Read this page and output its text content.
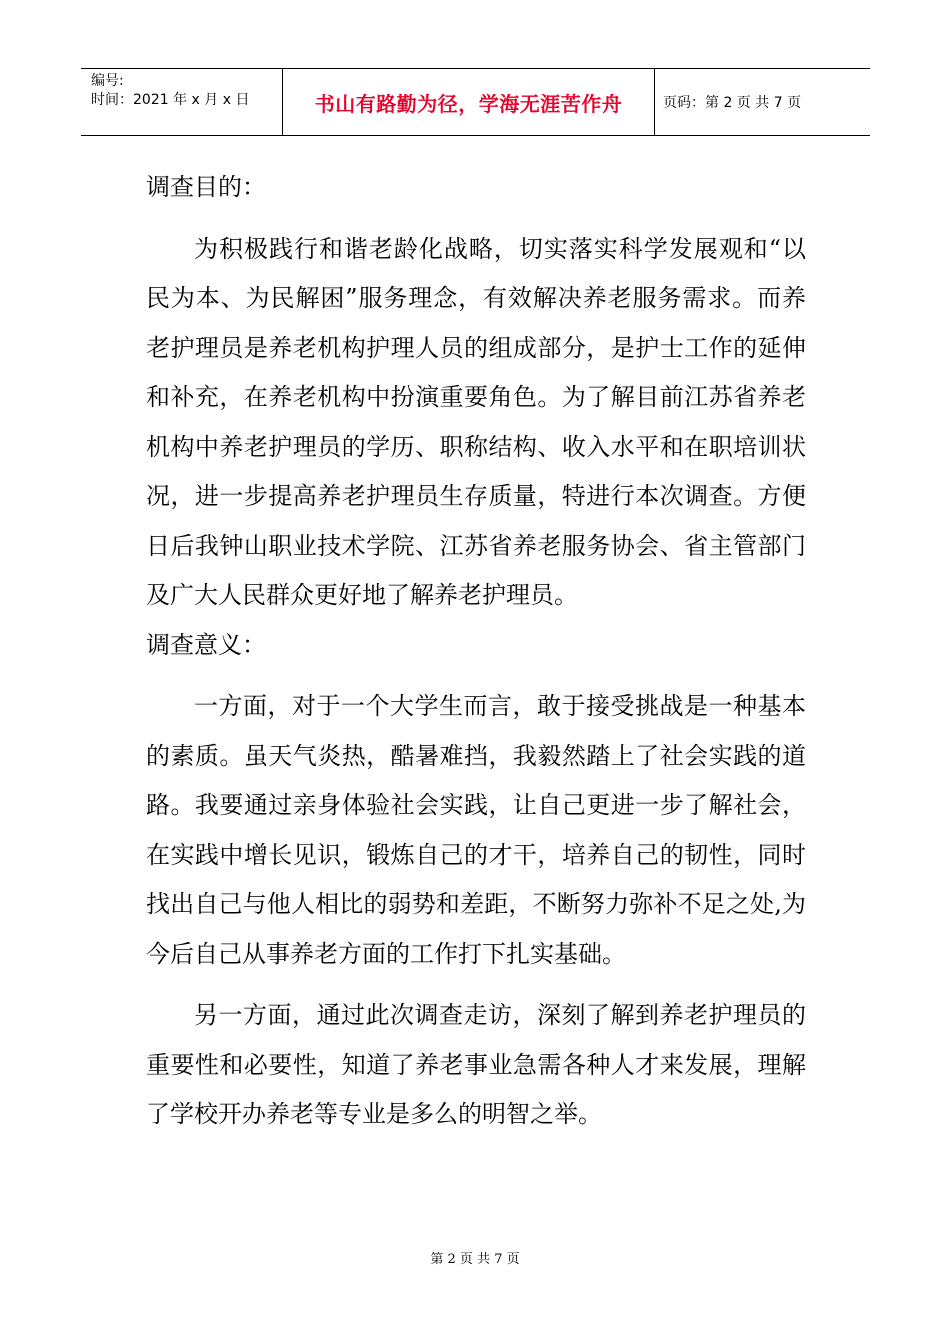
编号:
时间：2021 年 x 月 x 日	书山有路勤为径，学海无涯苦作舟	页码：第 2 页 共 7 页

调查目的：

为积极践行和谐老龄化战略，切实落实科学发展观和“以民为本、为民解困”服务理念，有效解决养老服务需求。而养老护理员是养老机构护理人员的组成部分，是护士工作的延伸和补充，在养老机构中扮演重要角色。为了解目前江苏省养老机构中养老护理员的学历、职称结构、收入水平和在职培训状况，进一步提高养老护理员生存质量，特进行本次调查。方便日后我钟山职业技术学院、江苏省养老服务协会、省主管部门及广大人民群众更好地了解养老护理员。

调查意义：

一方面，对于一个大学生而言，敢于接受挑战是一种基本的素质。虽天气炎热，酷暑难挡，我毅然踏上了社会实践的道路。我要通过亲身体验社会实践，让自己更进一步了解社会，在实践中增长见识，锻炼自己的才干，培养自己的韧性，同时找出自己与他人相比的弱势和差距，不断努力弥补不足之处,为今后自己从事养老方面的工作打下扎实基础。

另一方面，通过此次调查走访，深刻了解到养老护理员的重要性和必要性，知道了养老事业急需各种人才来发展，理解了学校开办养老等专业是多么的明智之举。

第 2 页 共 7 页
